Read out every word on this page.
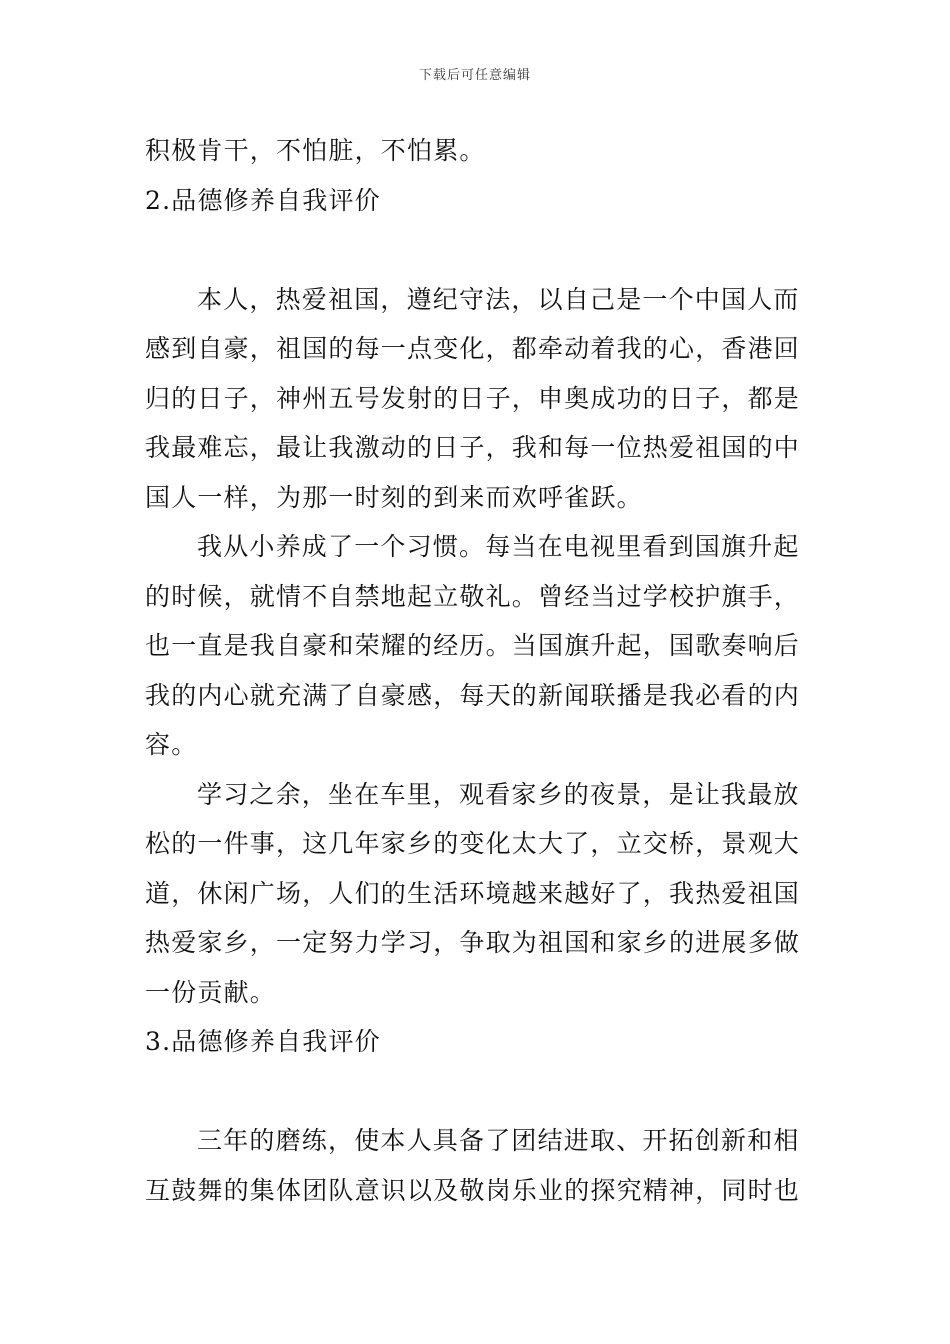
下载后可任意编辑
积极肯干，不怕脏，不怕累。
2.品德修养自我评价
本人，热爱祖国，遵纪守法，以自己是一个中国人而
感到自豪，祖国的每一点变化，都牵动着我的心，香港回
归的日子，神州五号发射的日子，申奥成功的日子，都是
我最难忘，最让我激动的日子，我和每一位热爱祖国的中
国人一样，为那一时刻的到来而欢呼雀跃。
我从小养成了一个习惯。每当在电视里看到国旗升起
的时候，就情不自禁地起立敬礼。曾经当过学校护旗手，
也一直是我自豪和荣耀的经历。当国旗升起，国歌奏响后
我的内心就充满了自豪感，每天的新闻联播是我必看的内
容。
学习之余，坐在车里，观看家乡的夜景，是让我最放
松的一件事，这几年家乡的变化太大了，立交桥，景观大
道，休闲广场，人们的生活环境越来越好了，我热爱祖国
热爱家乡，一定努力学习，争取为祖国和家乡的进展多做
一份贡献。
3.品德修养自我评价
三年的磨练，使本人具备了团结进取、开拓创新和相
互鼓舞的集体团队意识以及敬岗乐业的探究精神，同时也
